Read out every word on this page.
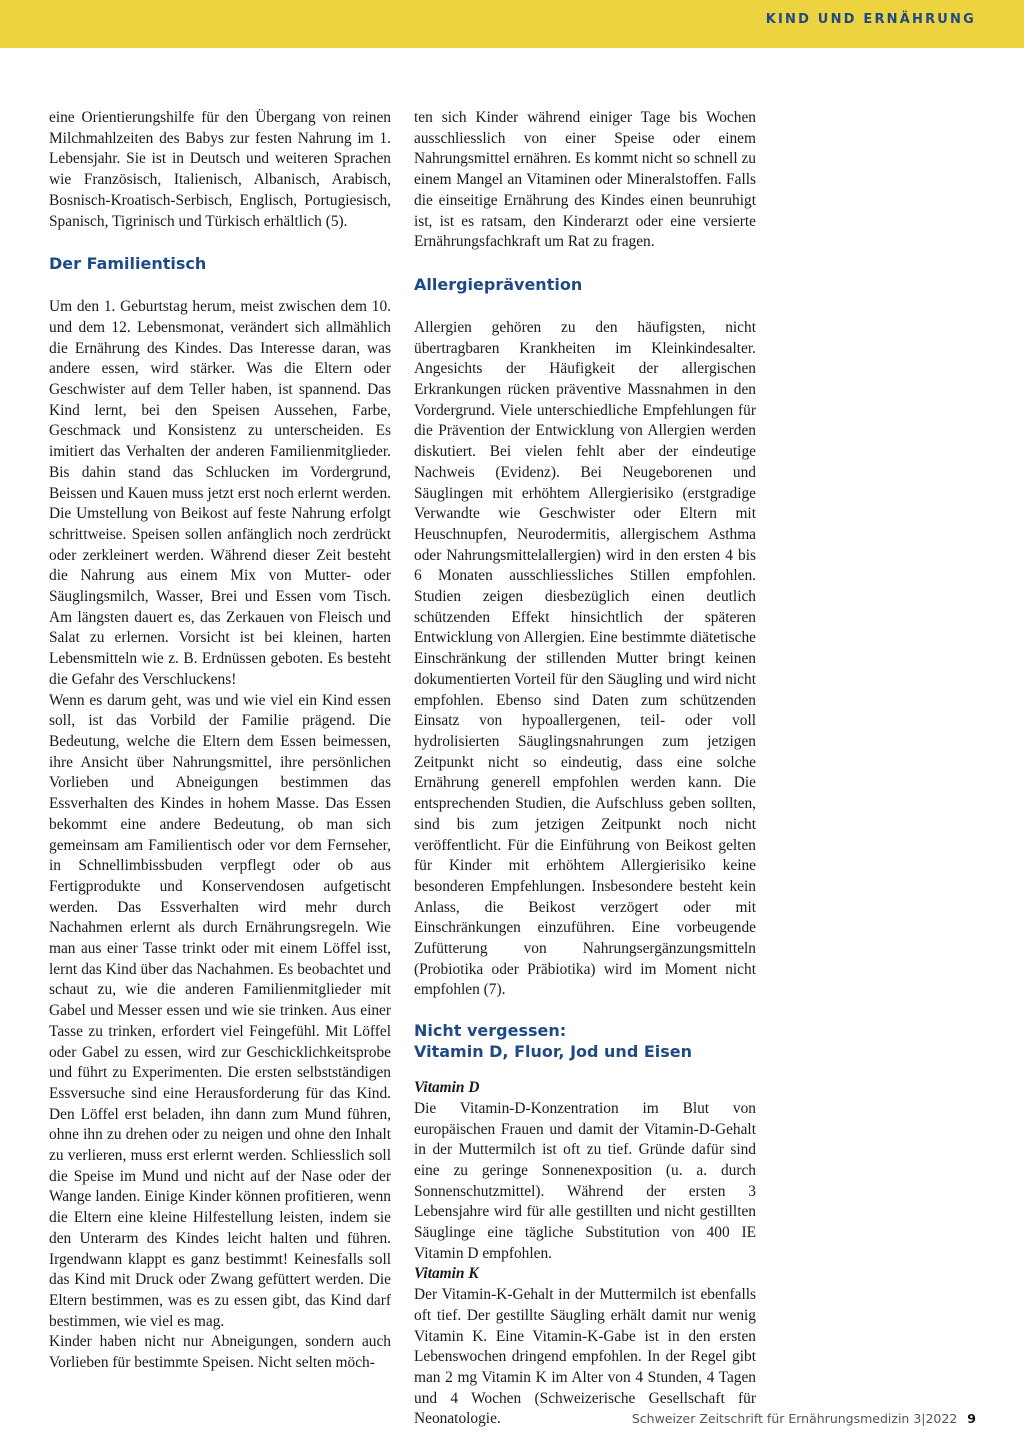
KIND UND ERNÄHRUNG

eine Orientierungshilfe für den Übergang von reinen Milchmahlzeiten des Babys zur festen Nahrung im 1. Lebensjahr. Sie ist in Deutsch und weiteren Sprachen wie Französisch, Italienisch, Albanisch, Arabisch, Bosnisch-Kroatisch-Serbisch, Englisch, Portugiesisch, Spanisch, Tigrinisch und Türkisch erhältlich (5).

Der Familientisch

Um den 1. Geburtstag herum, meist zwischen dem 10. und dem 12. Lebensmonat, verändert sich allmählich die Ernährung des Kindes. Das Interesse daran, was andere essen, wird stärker. Was die Eltern oder Geschwister auf dem Teller haben, ist spannend. Das Kind lernt, bei den Speisen Aussehen, Farbe, Geschmack und Konsistenz zu unterscheiden. Es imitiert das Verhalten der anderen Familienmitglieder. Bis dahin stand das Schlucken im Vordergrund, Beissen und Kauen muss jetzt erst noch erlernt werden. Die Umstellung von Beikost auf feste Nahrung erfolgt schrittweise. Speisen sollen anfänglich noch zerdrückt oder zerkleinert werden. Während dieser Zeit besteht die Nahrung aus einem Mix von Mutter- oder Säuglingsmilch, Wasser, Brei und Essen vom Tisch. Am längsten dauert es, das Zerkauen von Fleisch und Salat zu erlernen. Vorsicht ist bei kleinen, harten Lebensmitteln wie z. B. Erdnüssen geboten. Es besteht die Gefahr des Verschluckens!

Wenn es darum geht, was und wie viel ein Kind essen soll, ist das Vorbild der Familie prägend. Die Bedeutung, welche die Eltern dem Essen beimessen, ihre Ansicht über Nahrungsmittel, ihre persönlichen Vorlieben und Abneigungen bestimmen das Essverhalten des Kindes in hohem Masse. Das Essen bekommt eine andere Bedeutung, ob man sich gemeinsam am Familientisch oder vor dem Fernseher, in Schnellimbissbuden verpflegt oder ob aus Fertigprodukte und Konservendosen aufgetischt werden. Das Essverhalten wird mehr durch Nachahmen erlernt als durch Ernährungsregeln. Wie man aus einer Tasse trinkt oder mit einem Löffel isst, lernt das Kind über das Nachahmen. Es beobachtet und schaut zu, wie die anderen Familienmitglieder mit Gabel und Messer essen und wie sie trinken. Aus einer Tasse zu trinken, erfordert viel Feingefühl. Mit Löffel oder Gabel zu essen, wird zur Geschicklichkeitsprobe und führt zu Experimenten. Die ersten selbstständigen Essversuche sind eine Herausforderung für das Kind. Den Löffel erst beladen, ihn dann zum Mund führen, ohne ihn zu drehen oder zu neigen und ohne den Inhalt zu verlieren, muss erst erlernt werden. Schliesslich soll die Speise im Mund und nicht auf der Nase oder der Wange landen. Einige Kinder können profitieren, wenn die Eltern eine kleine Hilfestellung leisten, indem sie den Unterarm des Kindes leicht halten und führen. Irgendwann klappt es ganz bestimmt! Keinesfalls soll das Kind mit Druck oder Zwang gefüttert werden. Die Eltern bestimmen, was es zu essen gibt, das Kind darf bestimmen, wie viel es mag.

Kinder haben nicht nur Abneigungen, sondern auch Vorlieben für bestimmte Speisen. Nicht selten möch-

ten sich Kinder während einiger Tage bis Wochen ausschliesslich von einer Speise oder einem Nahrungsmittel ernähren. Es kommt nicht so schnell zu einem Mangel an Vitaminen oder Mineralstoffen. Falls die einseitige Ernährung des Kindes einen beunruhigt ist, ist es ratsam, den Kinderarzt oder eine versierte Ernährungsfachkraft um Rat zu fragen.

Allergieprävention

Allergien gehören zu den häufigsten, nicht übertragbaren Krankheiten im Kleinkindesalter. Angesichts der Häufigkeit der allergischen Erkrankungen rücken präventive Massnahmen in den Vordergrund. Viele unterschiedliche Empfehlungen für die Prävention der Entwicklung von Allergien werden diskutiert. Bei vielen fehlt aber der eindeutige Nachweis (Evidenz). Bei Neugeborenen und Säuglingen mit erhöhtem Allergierisiko (erstgradige Verwandte wie Geschwister oder Eltern mit Heuschnupfen, Neurodermitis, allergischem Asthma oder Nahrungsmittelallergien) wird in den ersten 4 bis 6 Monaten ausschliessliches Stillen empfohlen. Studien zeigen diesbezüglich einen deutlich schützenden Effekt hinsichtlich der späteren Entwicklung von Allergien. Eine bestimmte diätetische Einschränkung der stillenden Mutter bringt keinen dokumentierten Vorteil für den Säugling und wird nicht empfohlen. Ebenso sind Daten zum schützenden Einsatz von hypoallergenen, teil- oder voll hydrolisierten Säuglingsnahrungen zum jetzigen Zeitpunkt nicht so eindeutig, dass eine solche Ernährung generell empfohlen werden kann. Die entsprechenden Studien, die Aufschluss geben sollten, sind bis zum jetzigen Zeitpunkt noch nicht veröffentlicht. Für die Einführung von Beikost gelten für Kinder mit erhöhtem Allergierisiko keine besonderen Empfehlungen. Insbesondere besteht kein Anlass, die Beikost verzögert oder mit Einschränkungen einzuführen. Eine vorbeugende Zufütterung von Nahrungsergänzungsmitteln (Probiotika oder Präbiotika) wird im Moment nicht empfohlen (7).

Nicht vergessen:
Vitamin D, Fluor, Jod und Eisen

Vitamin D

Die Vitamin-D-Konzentration im Blut von europäischen Frauen und damit der Vitamin-D-Gehalt in der Muttermilch ist oft zu tief. Gründe dafür sind eine zu geringe Sonnenexposition (u. a. durch Sonnenschutzmittel). Während der ersten 3 Lebensjahre wird für alle gestillten und nicht gestillten Säuglinge eine tägliche Substitution von 400 IE Vitamin D empfohlen.

Vitamin K

Der Vitamin-K-Gehalt in der Muttermilch ist ebenfalls oft tief. Der gestillte Säugling erhält damit nur wenig Vitamin K. Eine Vitamin-K-Gabe ist in den ersten Lebenswochen dringend empfohlen. In der Regel gibt man 2 mg Vitamin K im Alter von 4 Stunden, 4 Tagen und 4 Wochen (Schweizerische Gesellschaft für Neonatologie.	Schweizer Zeitschrift für Ernährungsmedizin 3|2022 9
